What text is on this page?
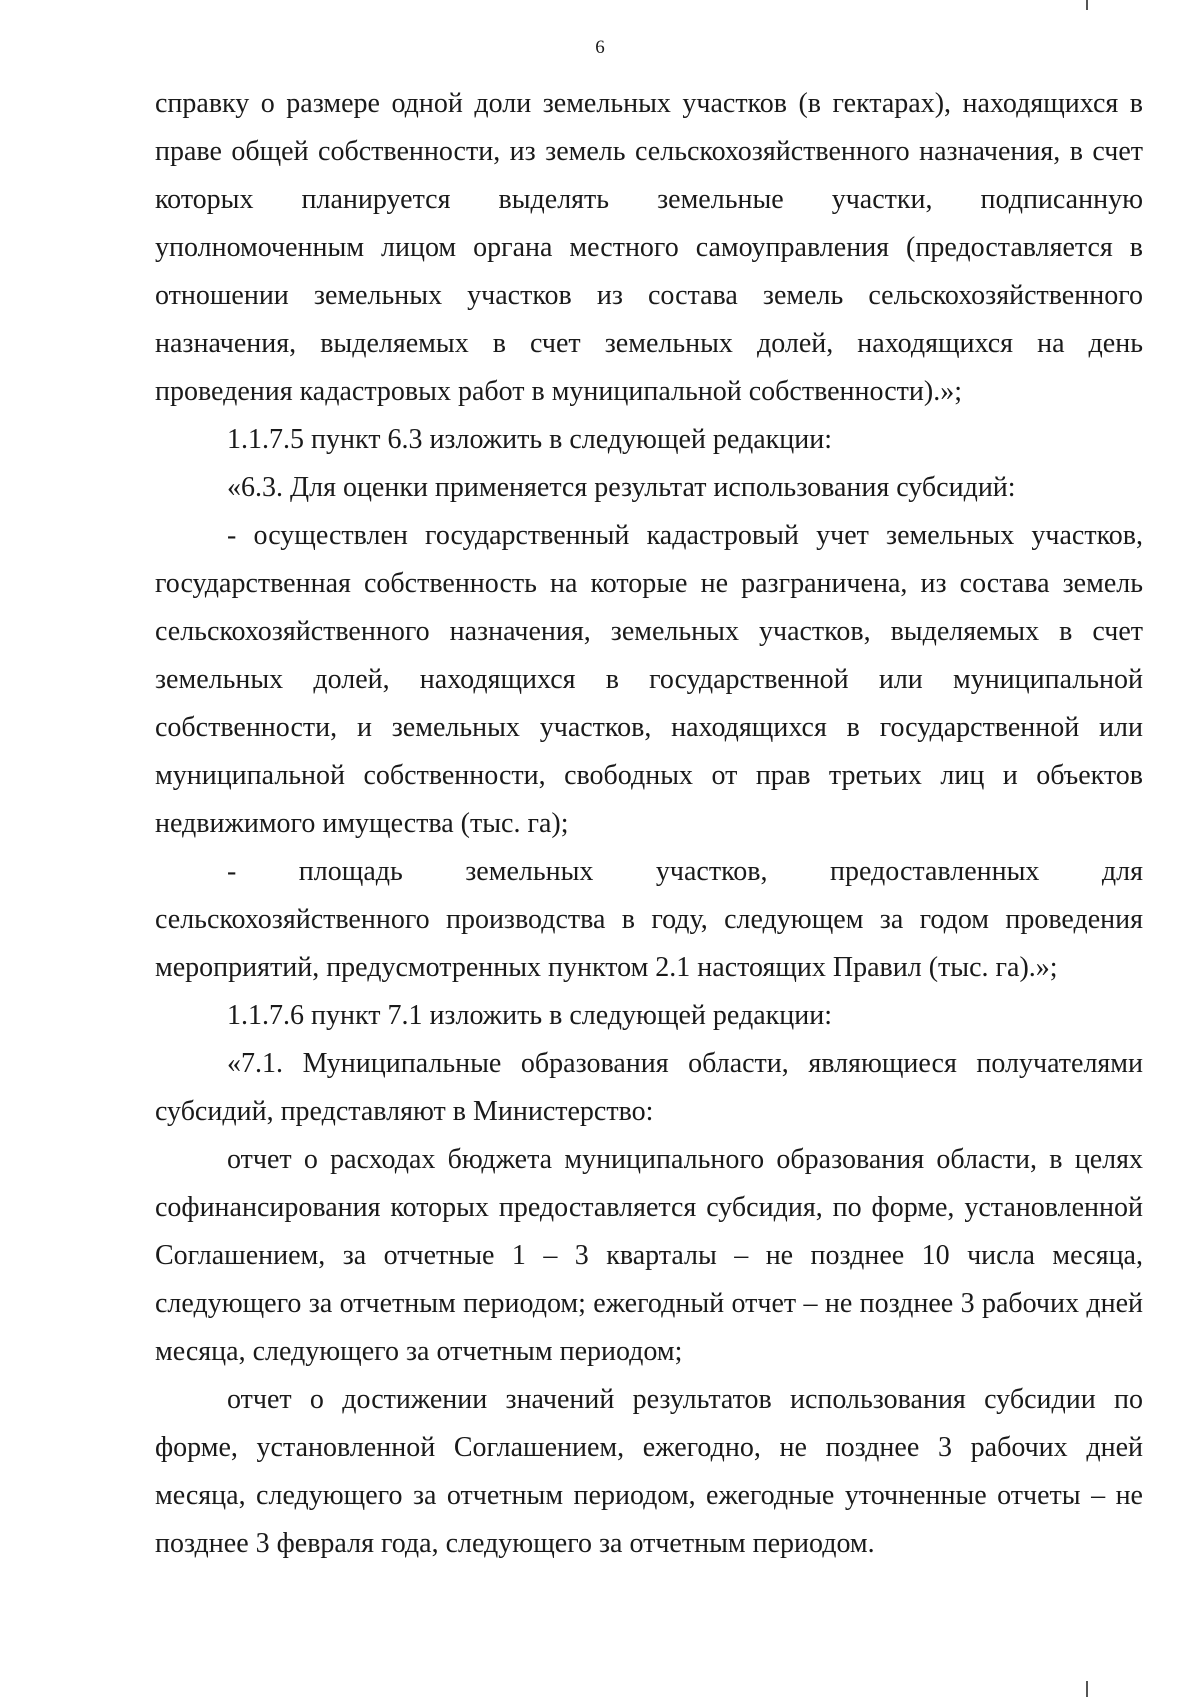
6

справку о размере одной доли земельных участков (в гектарах), находящихся в праве общей собственности, из земель сельскохозяйственного назначения, в счет которых планируется выделять земельные участки, подписанную уполномоченным лицом органа местного самоуправления (предоставляется в отношении земельных участков из состава земель сельскохозяйственного назначения, выделяемых в счет земельных долей, находящихся на день проведения кадастровых работ в муниципальной собственности).»;

1.1.7.5 пункт 6.3 изложить в следующей редакции:

«6.3. Для оценки применяется результат использования субсидий:

- осуществлен государственный кадастровый учет земельных участков, государственная собственность на которые не разграничена, из состава земель сельскохозяйственного назначения, земельных участков, выделяемых в счет земельных долей, находящихся в государственной или муниципальной собственности, и земельных участков, находящихся в государственной или муниципальной собственности, свободных от прав третьих лиц и объектов недвижимого имущества (тыс. га);

- площадь земельных участков, предоставленных для сельскохозяйственного производства в году, следующем за годом проведения мероприятий, предусмотренных пунктом 2.1 настоящих Правил (тыс. га).»;

1.1.7.6 пункт 7.1 изложить в следующей редакции:

«7.1. Муниципальные образования области, являющиеся получателями субсидий, представляют в Министерство:

отчет о расходах бюджета муниципального образования области, в целях софинансирования которых предоставляется субсидия, по форме, установленной Соглашением, за отчетные 1 – 3 кварталы – не позднее 10 числа месяца, следующего за отчетным периодом; ежегодный отчет – не позднее 3 рабочих дней месяца, следующего за отчетным периодом;

отчет о достижении значений результатов использования субсидии по форме, установленной Соглашением, ежегодно, не позднее 3 рабочих дней месяца, следующего за отчетным периодом, ежегодные уточненные отчеты – не позднее 3 февраля года, следующего за отчетным периодом.
